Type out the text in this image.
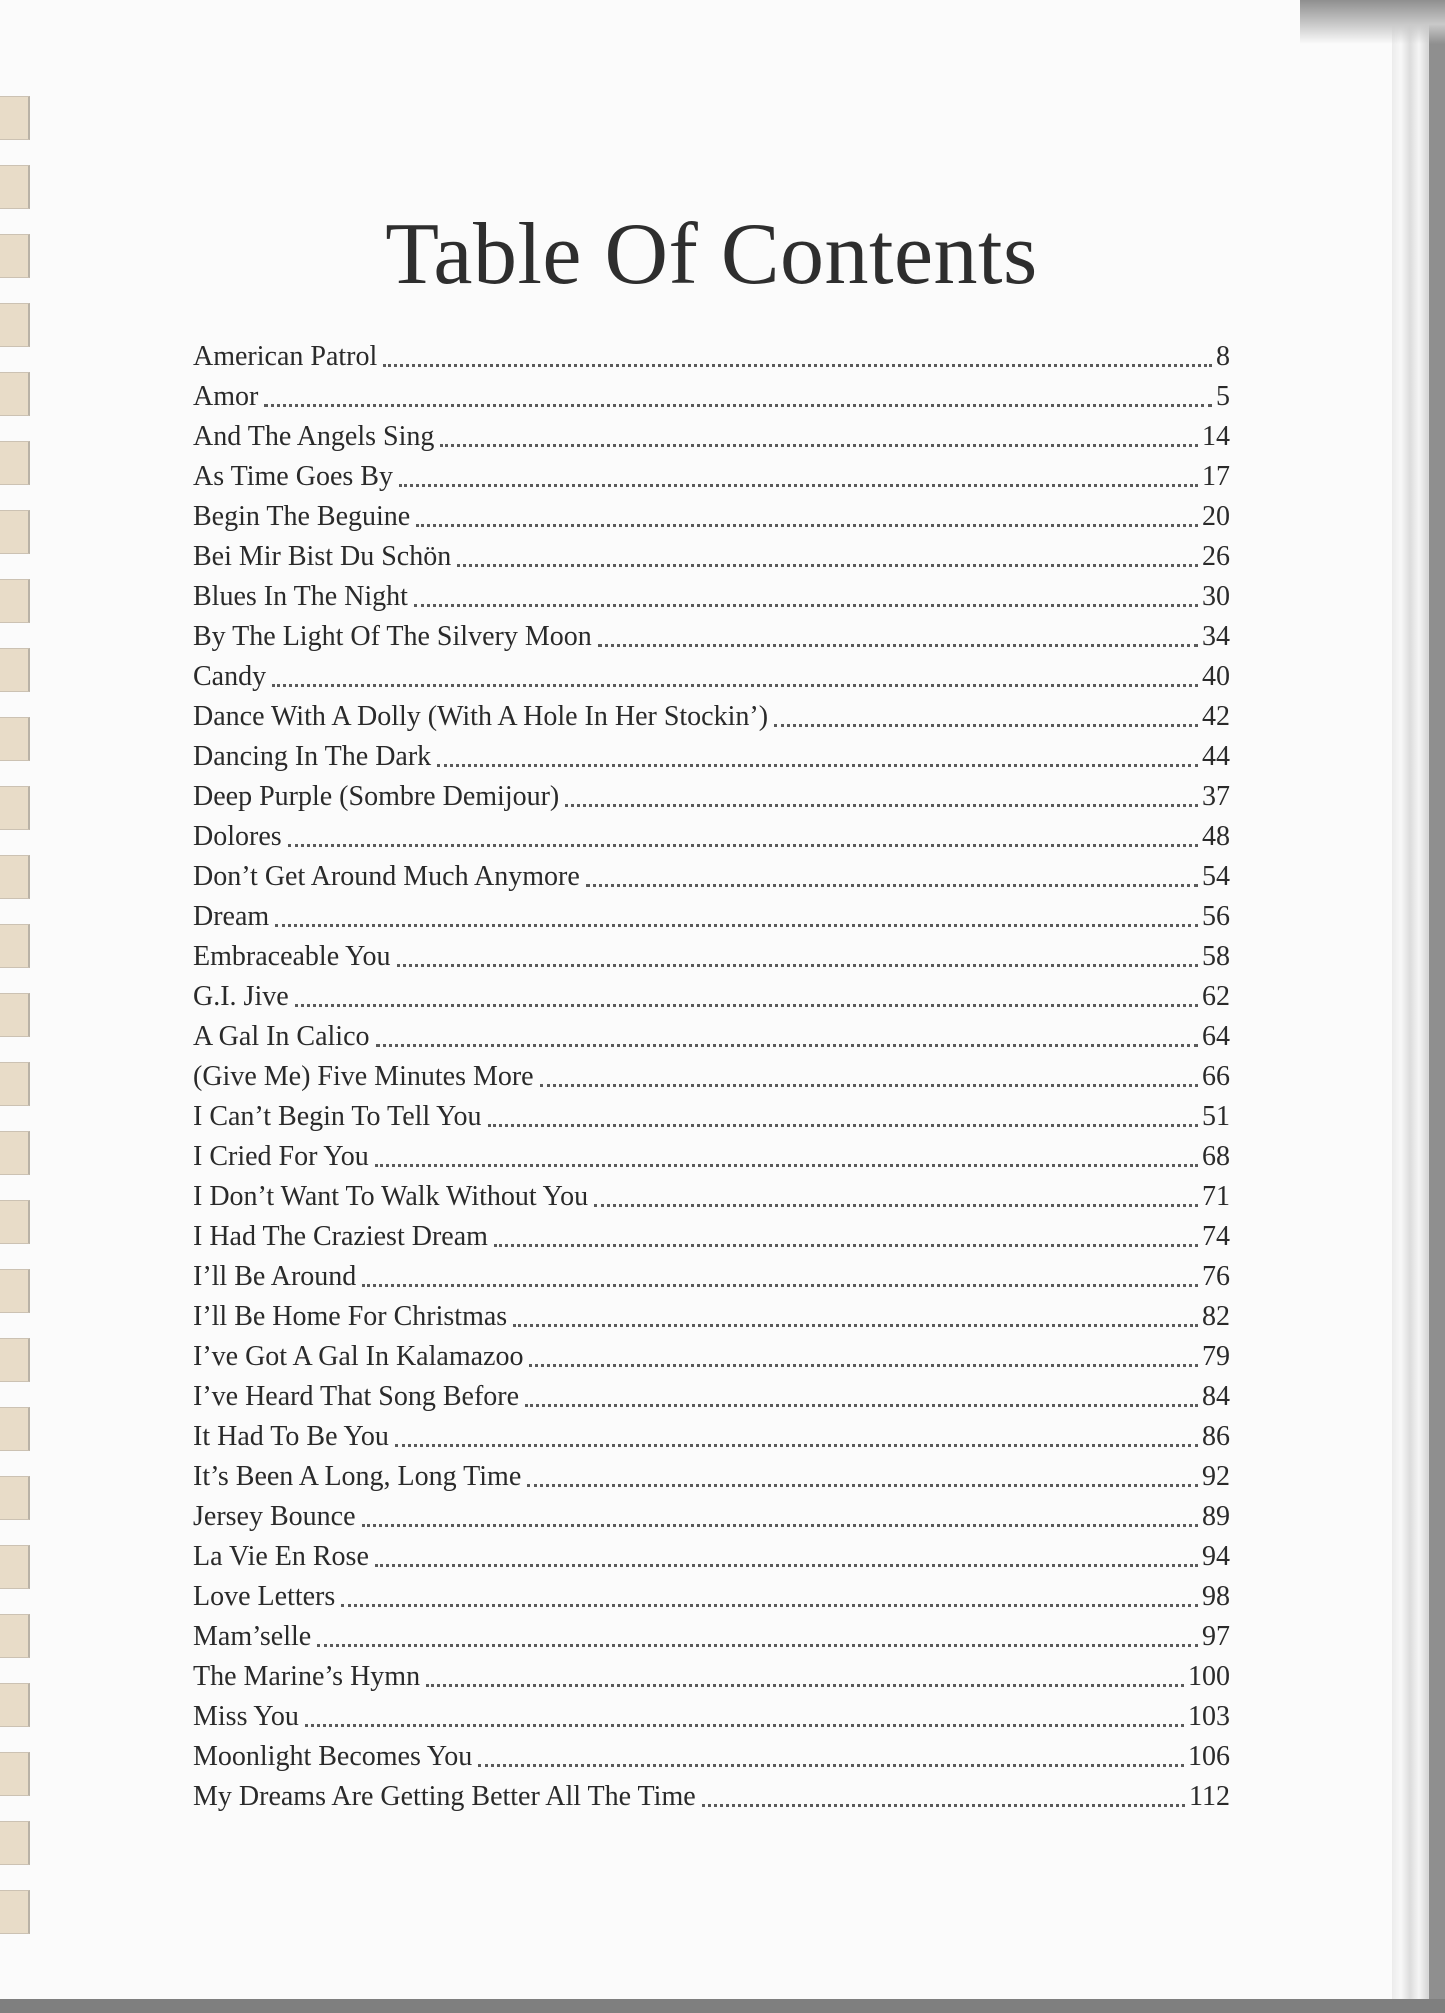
Table Of Contents
American Patrol	8
Amor	5
And The Angels Sing	14
As Time Goes By	17
Begin The Beguine	20
Bei Mir Bist Du Schön	26
Blues In The Night	30
By The Light Of The Silvery Moon	34
Candy	40
Dance With A Dolly (With A Hole In Her Stockin’)	42
Dancing In The Dark	44
Deep Purple (Sombre Demijour)	37
Dolores	48
Don’t Get Around Much Anymore	54
Dream	56
Embraceable You	58
G.I. Jive	62
A Gal In Calico	64
(Give Me) Five Minutes More	66
I Can’t Begin To Tell You	51
I Cried For You	68
I Don’t Want To Walk Without You	71
I Had The Craziest Dream	74
I’ll Be Around	76
I’ll Be Home For Christmas	82
I’ve Got A Gal In Kalamazoo	79
I’ve Heard That Song Before	84
It Had To Be You	86
It’s Been A Long, Long Time	92
Jersey Bounce	89
La Vie En Rose	94
Love Letters	98
Mam’selle	97
The Marine’s Hymn	100
Miss You	103
Moonlight Becomes You	106
My Dreams Are Getting Better All The Time	112
